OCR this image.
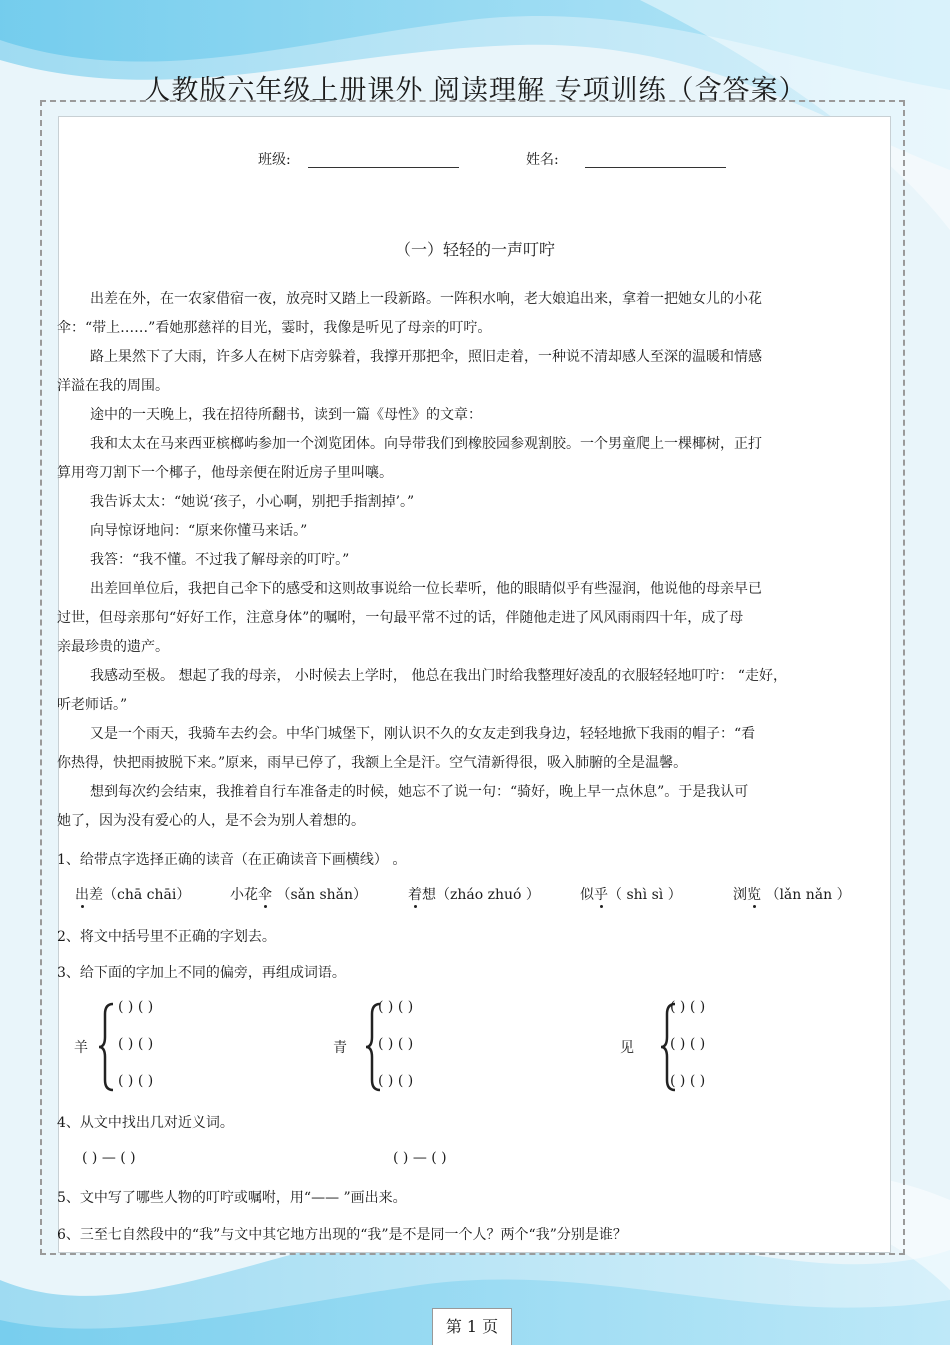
人教版六年级上册课外 阅读理解 专项训练（含答案）
班级:	姓名:
（一）轻轻的一声叮咛
出差在外，在一农家借宿一夜，放亮时又踏上一段新路。一阵积水响，老大娘追出来，拿着一把她女儿的小花
伞：“带上……”看她那慈祥的目光，霎时，我像是听见了母亲的叮咛。
路上果然下了大雨，许多人在树下店旁躲着，我撑开那把伞，照旧走着，一种说不清却感人至深的温暖和情感
洋溢在我的周围。
途中的一天晚上，我在招待所翻书，读到一篇《母性》的文章：
我和太太在马来西亚槟榔屿参加一个浏览团体。向导带我们到橡胶园参观割胶。一个男童爬上一棵椰树，正打
算用弯刀割下一个椰子，他母亲便在附近房子里叫嚷。
我告诉太太：“她说‘孩子，小心啊，别把手指割掉’。”
向导惊讶地问：“原来你懂马来话。”
我答：“我不懂。不过我了解母亲的叮咛。”
出差回单位后，我把自己伞下的感受和这则故事说给一位长辈听，他的眼睛似乎有些湿润，他说他的母亲早已
过世，但母亲那句“好好工作，注意身体”的嘱咐，一句最平常不过的话，伴随他走进了风风雨雨四十年，成了母
亲最珍贵的遗产。
我感动至极。 想起了我的母亲， 小时候去上学时， 他总在我出门时给我整理好凌乱的衣服轻轻地叮咛： “走好，
听老师话。”
又是一个雨天，我骑车去约会。中华门城堡下，刚认识不久的女友走到我身边，轻轻地掀下我雨的帽子：“看
你热得，快把雨披脱下来。”原来，雨早已停了，我额上全是汗。空气清新得很，吸入肺腑的全是温馨。
想到每次约会结束，我推着自行车准备走的时候，她忘不了说一句：“骑好，晚上早一点休息”。于是我认可
她了，因为没有爱心的人，是不会为别人着想的。
1、给带点字选择正确的读音（在正确读音下画横线） 。
出差（chā chāi）	小花伞 （sǎn shǎn）	着想（zháo zhuó ）	似乎（ shì sì ）	浏览 （lǎn nǎn ）
2、将文中括号里不正确的字划去。
3、给下面的字加上不同的偏旁，再组成词语。
羊
( ) ( )
( ) ( )
( ) ( )
青
( ) ( )
( ) ( )
( ) ( )
见
( ) ( )
( ) ( )
( ) ( )
4、从文中找出几对近义词。
( ) — ( )	( ) — ( )
5、文中写了哪些人物的叮咛或嘱咐，用“—— ”画出来。
6、三至七自然段中的“我”与文中其它地方出现的“我”是不是同一个人？两个“我”分别是谁？
第 1 页
